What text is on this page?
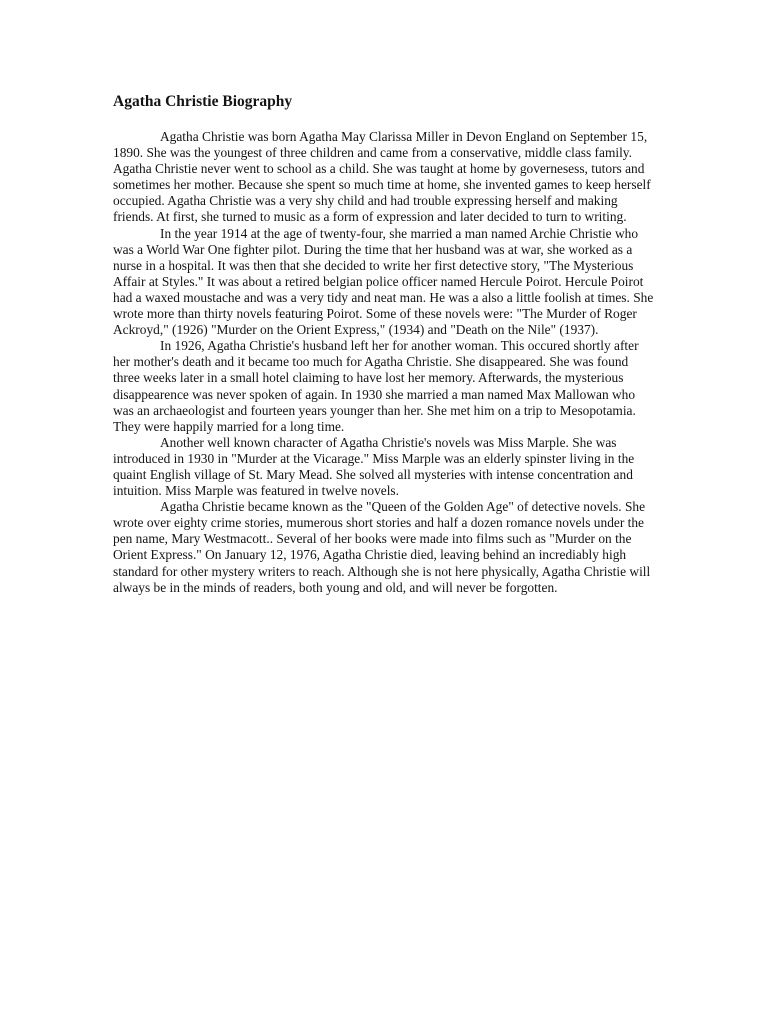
Agatha Christie Biography

Agatha Christie was born Agatha May Clarissa Miller in Devon England on September 15, 1890. She was the youngest of three children and came from a conservative, middle class family. Agatha Christie never went to school as a child. She was taught at home by governesess, tutors and sometimes her mother. Because she spent so much time at home, she invented games to keep herself occupied. Agatha Christie was a very shy child and had trouble expressing herself and making friends. At first, she turned to music as a form of expression and later decided to turn to writing.

In the year 1914 at the age of twenty-four, she married a man named Archie Christie who was a World War One fighter pilot. During the time that her husband was at war, she worked as a nurse in a hospital. It was then that she decided to write her first detective story, "The Mysterious Affair at Styles." It was about a retired belgian police officer named Hercule Poirot. Hercule Poirot had a waxed moustache and was a very tidy and neat man. He was a also a little foolish at times. She wrote more than thirty novels featuring Poirot. Some of these novels were: "The Murder of Roger Ackroyd," (1926) "Murder on the Orient Express," (1934) and "Death on the Nile" (1937).

In 1926, Agatha Christie's husband left her for another woman. This occured shortly after her mother's death and it became too much for Agatha Christie. She disappeared. She was found three weeks later in a small hotel claiming to have lost her memory. Afterwards, the mysterious disappearence was never spoken of again. In 1930 she married a man named Max Mallowan who was an archaeologist and fourteen years younger than her. She met him on a trip to Mesopotamia. They were happily married for a long time.

Another well known character of Agatha Christie's novels was Miss Marple. She was introduced in 1930 in "Murder at the Vicarage." Miss Marple was an elderly spinster living in the quaint English village of St. Mary Mead. She solved all mysteries with intense concentration and intuition. Miss Marple was featured in twelve novels.

Agatha Christie became known as the "Queen of the Golden Age" of detective novels. She wrote over eighty crime stories, mumerous short stories and half a dozen romance novels under the pen name, Mary Westmacott.. Several of her books were made into films such as "Murder on the Orient Express." On January 12, 1976, Agatha Christie died, leaving behind an incrediably high standard for other mystery writers to reach. Although she is not here physically, Agatha Christie will always be in the minds of readers, both young and old, and will never be forgotten.
